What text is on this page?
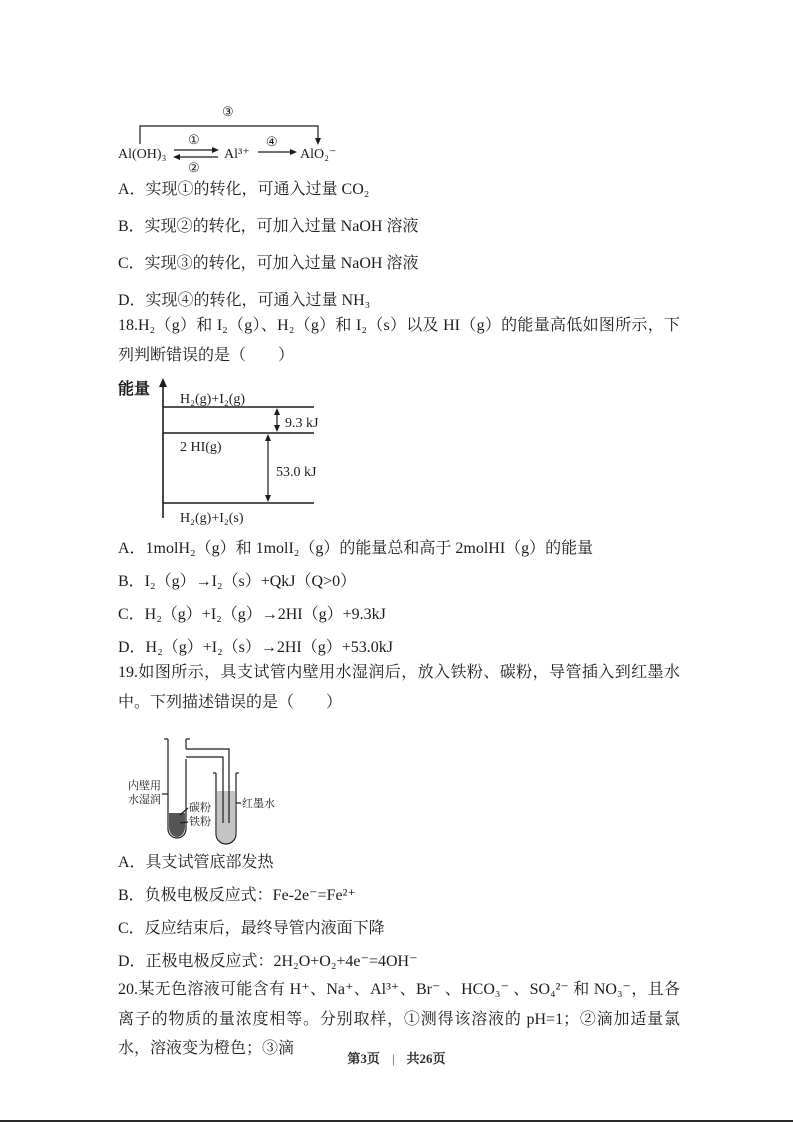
③
Al(OH)₃
①
②
Al³⁺
④
AlO₂⁻
A．实现①的转化，可通入过量 CO₂
B．实现②的转化，可加入过量 NaOH 溶液
C．实现③的转化，可加入过量 NaOH 溶液
D．实现④的转化，可通入过量 NH₃

18.H₂（g）和 I₂（g）、H₂（g）和 I₂（s）以及 HI（g）的能量高低如图所示，下列判断错误的是（　　）

能量
H₂(g)+I₂(g)
9.3 kJ
2 HI(g)
53.0 kJ
H₂(g)+I₂(s)
A．1molH₂（g）和 1molI₂（g）的能量总和高于 2molHI（g）的能量
B．I₂（g）→I₂（s）+QkJ（Q>0）
C．H₂（g）+I₂（g）→2HI（g）+9.3kJ
D．H₂（g）+I₂（s）→2HI（g）+53.0kJ

19.如图所示，具支试管内壁用水湿润后，放入铁粉、碳粉，导管插入到红墨水中。下列描述错误的是（　　）

内壁用
水湿润
碳粉
铁粉
红墨水
A．具支试管底部发热
B．负极电极反应式：Fe-2e⁻=Fe²⁺
C．反应结束后，最终导管内液面下降
D．正极电极反应式：2H₂O+O₂+4e⁻=4OH⁻

20.某无色溶液可能含有 H⁺、Na⁺、Al³⁺、Br⁻ 、HCO₃⁻ 、SO₄²⁻ 和 NO₃⁻，且各离子的物质的量浓度相等。分别取样，①测得该溶液的 pH=1；②滴加适量氯水，溶液变为橙色；③滴

第3页 | 共26页
